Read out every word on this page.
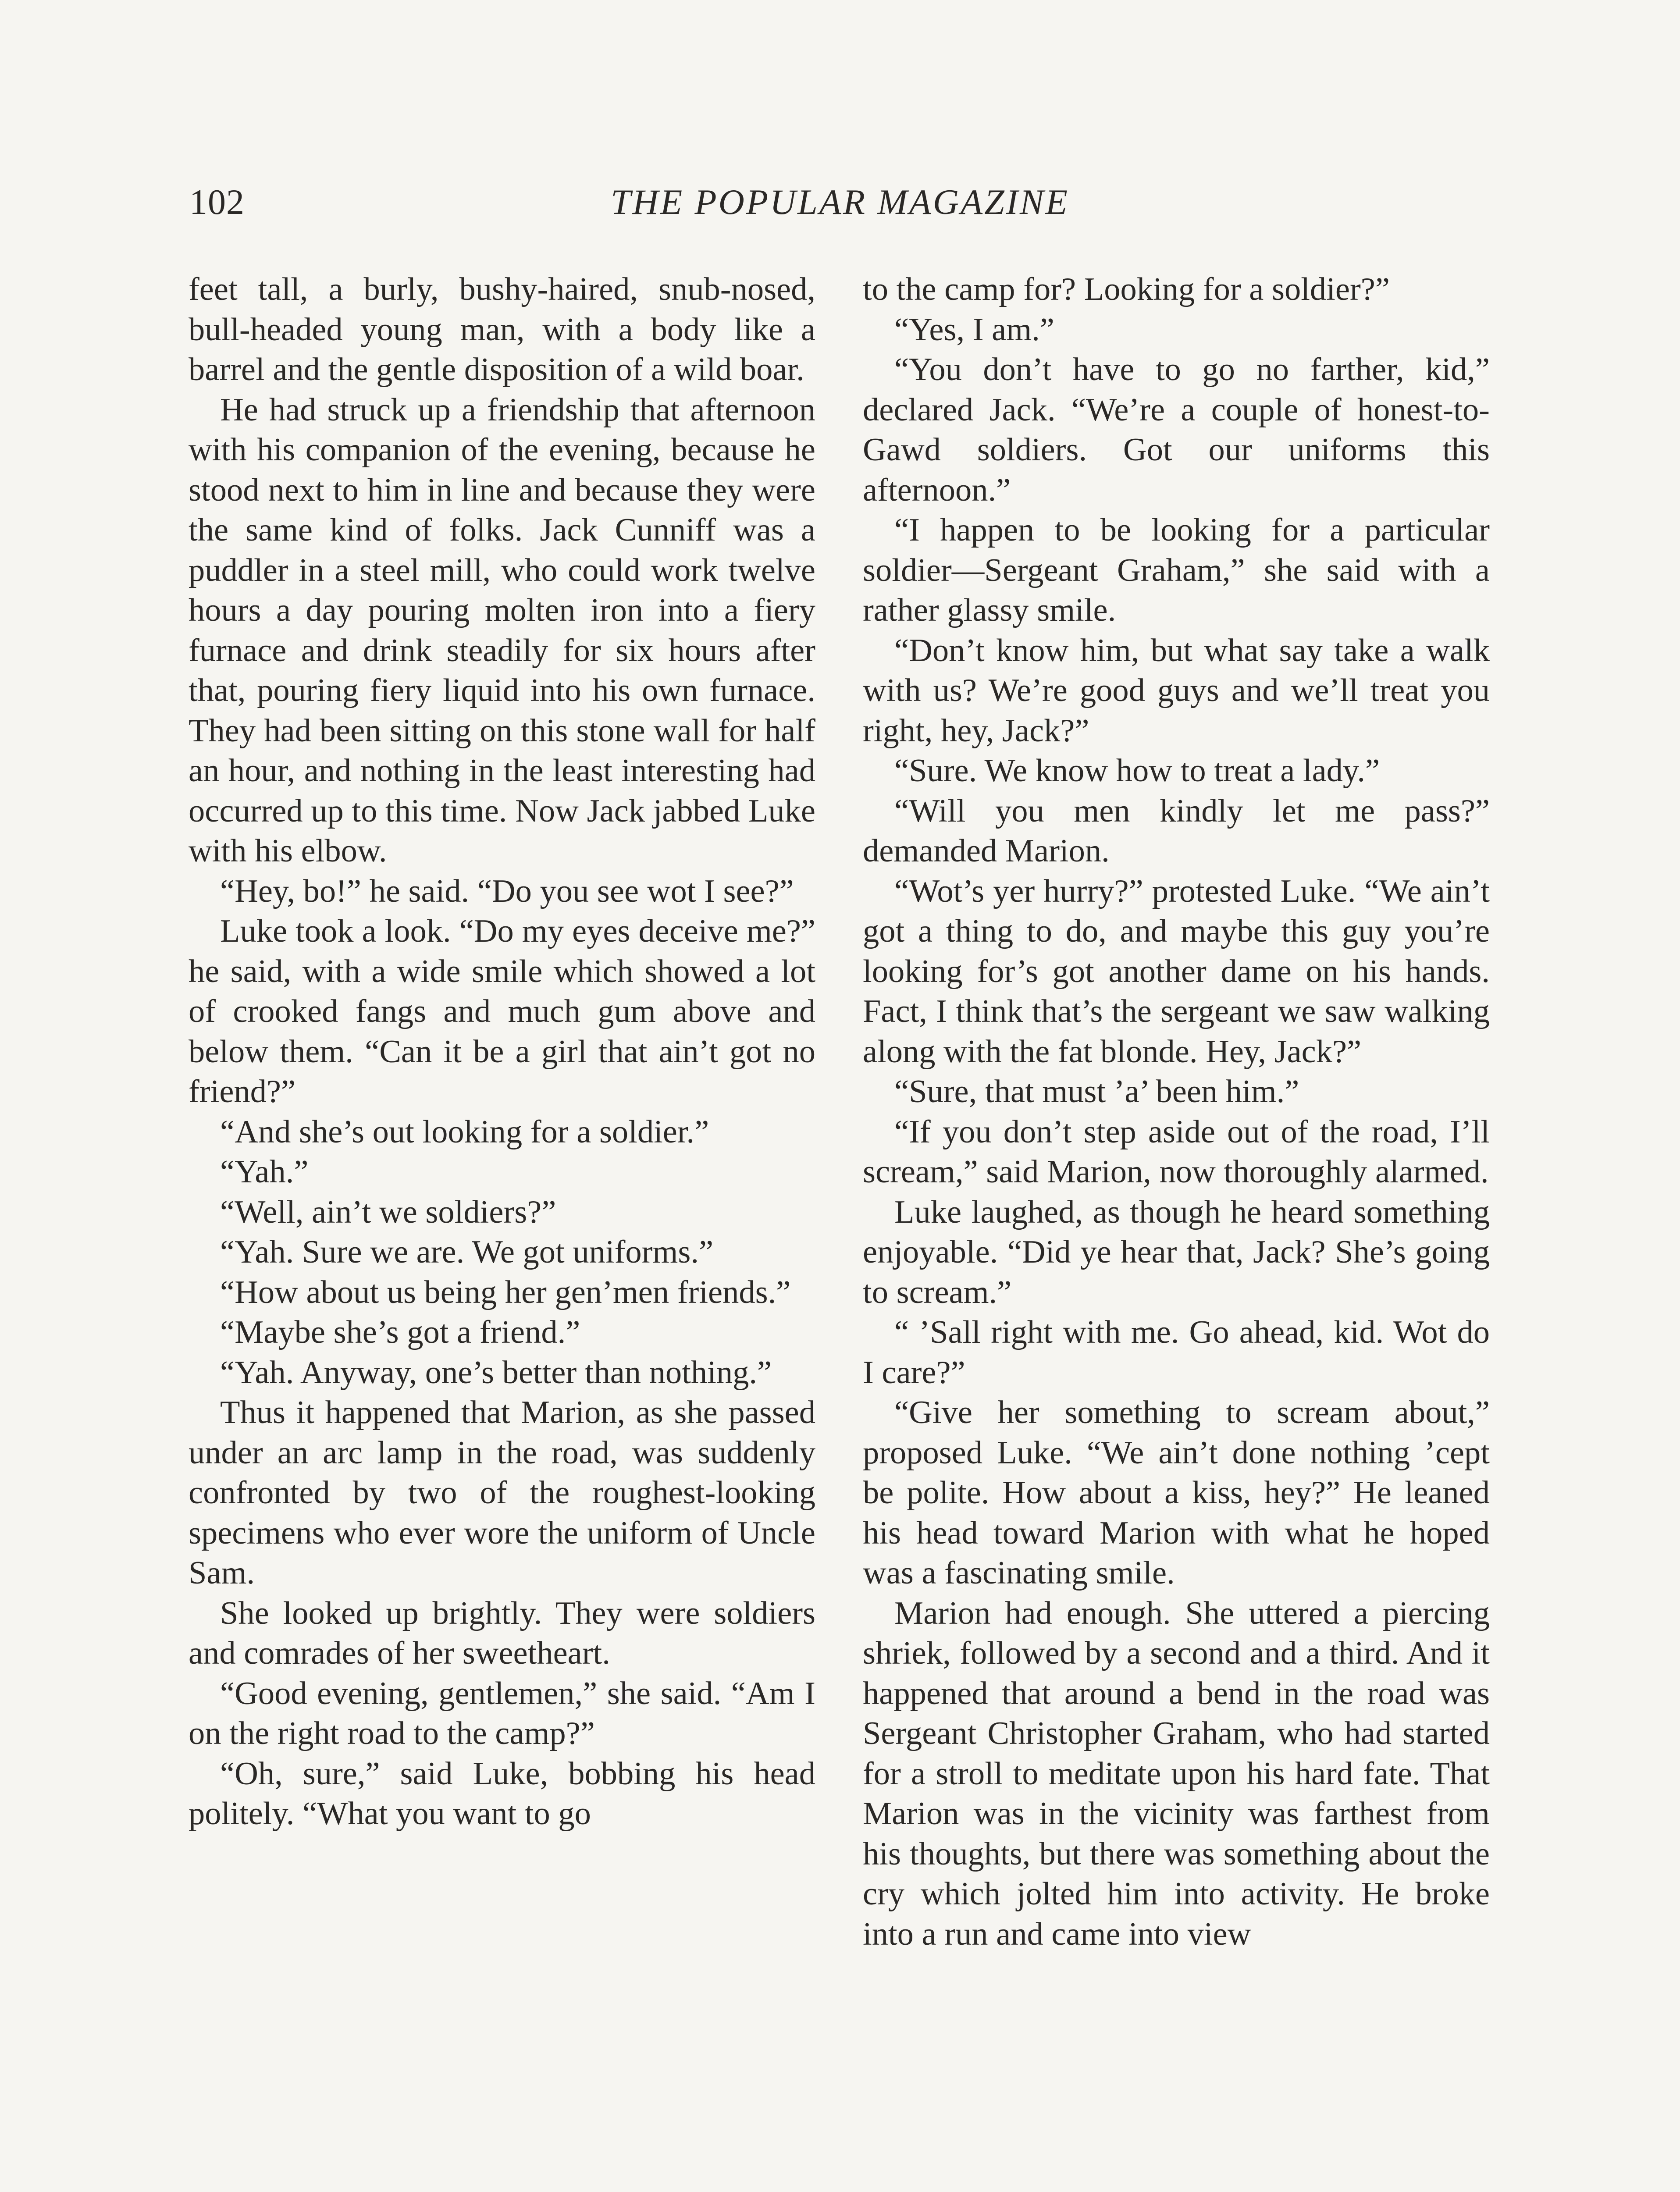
102	THE POPULAR MAGAZINE

feet tall, a burly, bushy-haired, snub-nosed, bull-headed young man, with a body like a barrel and the gentle disposition of a wild boar.

He had struck up a friendship that afternoon with his companion of the evening, because he stood next to him in line and because they were the same kind of folks. Jack Cunniff was a puddler in a steel mill, who could work twelve hours a day pouring molten iron into a fiery furnace and drink steadily for six hours after that, pouring fiery liquid into his own furnace. They had been sitting on this stone wall for half an hour, and nothing in the least interesting had occurred up to this time. Now Jack jabbed Luke with his elbow.

“Hey, bo!” he said. “Do you see wot I see?”

Luke took a look. “Do my eyes deceive me?” he said, with a wide smile which showed a lot of crooked fangs and much gum above and below them. “Can it be a girl that ain’t got no friend?”

“And she’s out looking for a soldier.”

“Yah.”

“Well, ain’t we soldiers?”

“Yah. Sure we are. We got uniforms.”

“How about us being her gen’men friends.”

“Maybe she’s got a friend.”

“Yah. Anyway, one’s better than nothing.”

Thus it happened that Marion, as she passed under an arc lamp in the road, was suddenly confronted by two of the roughest-looking specimens who ever wore the uniform of Uncle Sam.

She looked up brightly. They were soldiers and comrades of her sweetheart.

“Good evening, gentlemen,” she said. “Am I on the right road to the camp?”

“Oh, sure,” said Luke, bobbing his head politely. “What you want to go

to the camp for? Looking for a soldier?”

“Yes, I am.”

“You don’t have to go no farther, kid,” declared Jack. “We’re a couple of honest-to-Gawd soldiers. Got our uniforms this afternoon.”

“I happen to be looking for a particular soldier—Sergeant Graham,” she said with a rather glassy smile.

“Don’t know him, but what say take a walk with us? We’re good guys and we’ll treat you right, hey, Jack?”

“Sure. We know how to treat a lady.”

“Will you men kindly let me pass?” demanded Marion.

“Wot’s yer hurry?” protested Luke. “We ain’t got a thing to do, and maybe this guy you’re looking for’s got another dame on his hands. Fact, I think that’s the sergeant we saw walking along with the fat blonde. Hey, Jack?”

“Sure, that must ’a’ been him.”

“If you don’t step aside out of the road, I’ll scream,” said Marion, now thoroughly alarmed.

Luke laughed, as though he heard something enjoyable. “Did ye hear that, Jack? She’s going to scream.”

“ ’Sall right with me. Go ahead, kid. Wot do I care?”

“Give her something to scream about,” proposed Luke. “We ain’t done nothing ’cept be polite. How about a kiss, hey?” He leaned his head toward Marion with what he hoped was a fascinating smile.

Marion had enough. She uttered a piercing shriek, followed by a second and a third. And it happened that around a bend in the road was Sergeant Christopher Graham, who had started for a stroll to meditate upon his hard fate. That Marion was in the vicinity was farthest from his thoughts, but there was something about the cry which jolted him into activity. He broke into a run and came into view
